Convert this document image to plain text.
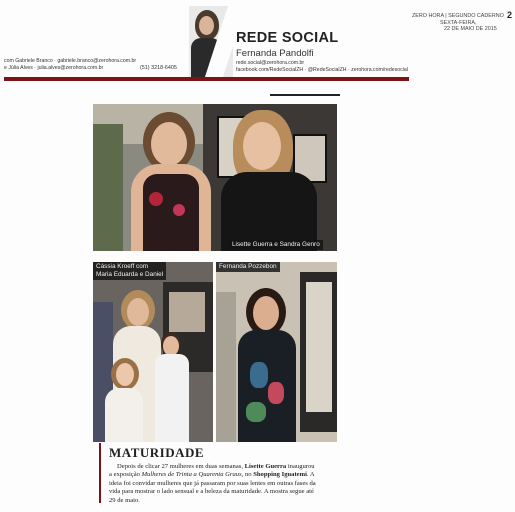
com Gabriele Branco · gabriele.branco@zerohora.com.br
e Júlia Alves · julia.alves@zerohora.com.br	(51) 3218-6405
REDE SOCIAL
Fernanda Pandolfi
rede.social@zerohora.com.br
facebook.com/RedeSocialZH · @RedeSocialZH · zerohora.com/redesocial
ZERO HORA | SEGUNDO CADERNO
SEXTA-FEIRA,
22 DE MAIO DE 2015
2
Lisette Guerra e Sandra Genro
Cássia Kroeff com
Maria Eduarda e Daniel
Fernanda Pozzebon
MATURIDADE
Depois de clicar 27 mulheres em duas semanas, Lisette Guerra inaugurou a exposição Mulheres de Trinta a Quarenta Graus, no Shopping Iguatemi. A ideia foi convidar mulheres que já passaram por suas lentes em outras fases da vida para mostrar o lado sensual e a beleza da maturidade. A mostra segue até 29 de maio.
